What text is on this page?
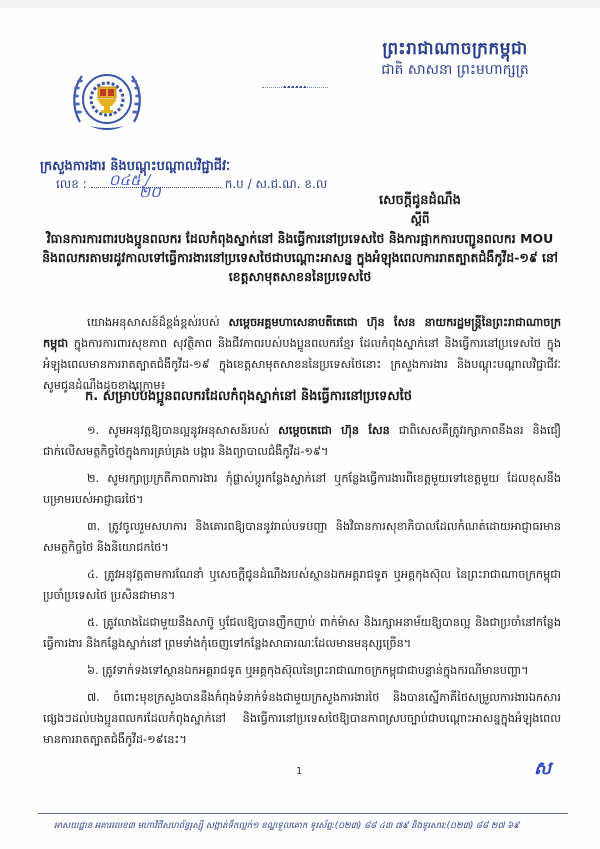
ព្រះរាជាណាចក្រកម្ពុជា
ជាតិ សាសនា ព្រះមហាក្សត្រ
ក្រសួងការងារ និងបណ្តុះបណ្តាលវិជ្ជាជីវៈ
លេខ : ០៤៥ /
២០	ក.ប / ស.ជ.ណ. ខ.ល
សេចក្តីជូនដំណឹង
ស្តីពី
វិធានការការពារបងប្អូនពលករ ដែលកំពុងស្នាក់នៅ និងធ្វើការនៅប្រទេសថៃ និងការផ្អាកការបញ្ជូនពលករ MOU និងពលករតាមរដូវកាលទៅធ្វើការងារនៅប្រទេសថៃជាបណ្តោះអាសន្ន ក្នុងអំឡុងពេលការរាតត្បាតជំងឺកូវីដ-១៩ នៅខេត្តសាមុតសាខននៃប្រទេសថៃ
យោងអនុសាសន៍ដ៏ខ្ពង់ខ្ពស់របស់ សម្តេចអគ្គមហាសេនាបតីតេជោ ហ៊ុន សែន នាយករដ្ឋមន្ត្រីនៃព្រះរាជាណាចក្រកម្ពុជា ក្នុងការការពារសុខភាព សុវត្ថិភាព និងជីវភាពរបស់បងប្អូនពលករខ្មែរ ដែលកំពុងស្នាក់នៅ និងធ្វើការនៅប្រទេសថៃ ក្នុងអំឡុងពេលមានការរាតត្បាតជំងឺកូវីដ-១៩ ក្នុងខេត្តសាមុតសាខននៃប្រទេសថៃនោះ ក្រសួងការងារ និងបណ្តុះបណ្តាលវិជ្ជាជីវៈ សូមជូនដំណឹងដូចខាងក្រោម៖
ក. សម្រាប់បងប្អូនពលករដែលកំពុងស្នាក់នៅ និងធ្វើការនៅប្រទេសថៃ

១. សូមអនុវត្តឱ្យបានល្អនូវអនុសាសន៍របស់ សម្តេចតេជោ ហ៊ុន សែន ជាពិសេសគឺត្រូវរក្សាភាពនឹងនរ និងជឿជាក់លើសមត្ថកិច្ចថៃក្នុងការគ្រប់គ្រង បង្ការ និងព្យាបាលជំងឺកូវីដ-១៩។

២. សូមរក្សាប្រក្រតីភាពការងារ កុំផ្លាស់ប្តូរកន្លែងស្នាក់នៅ ឬកន្លែងធ្វើការងារពីខេត្តមួយទៅខេត្តមួយ ដែលខុសនឹងបម្រាមរបស់អាជ្ញាធរថៃ។

៣. ត្រូវចូលរួមសហការ និងគោរពឱ្យបាននូវរាល់បទបញ្ជា និងវិធានការសុខាភិបាលដែលកំណត់ដោយអាជ្ញាធរមានសមត្ថកិច្ចថៃ និងនិយោជកថៃ។

៤. ត្រូវអនុវត្តតាមការណែនាំ ឬសេចក្តីជូនដំណឹងរបស់ស្ថានឯកអគ្គរាជទូត ឬអគ្គកុងស៊ុល នៃព្រះរាជាណាចក្រកម្ពុជាប្រចាំប្រទេសថៃ ប្រសិនជាមាន។

៥. ត្រូវលាងដៃជាមួយនឹងសាប៊ូ ឬជែលឱ្យបានញឹកញាប់ ពាក់ម៉ាស និងរក្សាអនាម័យឱ្យបានល្អ និងជាប្រចាំនៅកន្លែងធ្វើការងារ និងកន្លែងស្នាក់នៅ ព្រមទាំងកុំចេញទៅកន្លែងសាធារណៈដែលមានមនុស្សច្រើន។

៦. ត្រូវទាក់ទងទៅស្ថានឯកអគ្គរាជទូត ឬអគ្គកុងស៊ុលនៃព្រះរាជាណាចក្រកម្ពុជាជាបន្ទាន់ក្នុងករណីមានបញ្ហា។

៧. ចំពោះមុខក្រសួងបាននឹងកំពុងទំនាក់ទំនងជាមួយក្រសួងការងារថៃ និងបានស្នើភាគីថៃសម្រួលការងារឯកសារផ្សេងៗដល់បងប្អូនពលករដែលកំពុងស្នាក់នៅ និងធ្វើការនៅប្រទេសថៃឱ្យបានភាពស្របច្បាប់ជាបណ្តោះអាសន្នក្នុងអំឡុងពេលមានការរាតត្បាតជំងឺកូវីដ-១៩នេះ។

1	ស
អាសយដ្ឋាន អគារលេខ៣ មហាវិថីសហព័ន្ធរុស្ស៊ី សង្កាត់ទឹកល្អក់១ ខណ្ឌទួលគោក ទូរស័ព្ទ:(០២៣) ៨៨ ៤៣ ៧៩ និងទូរសារ:(០២៣) ៨៨ ២៧ ៦៩
